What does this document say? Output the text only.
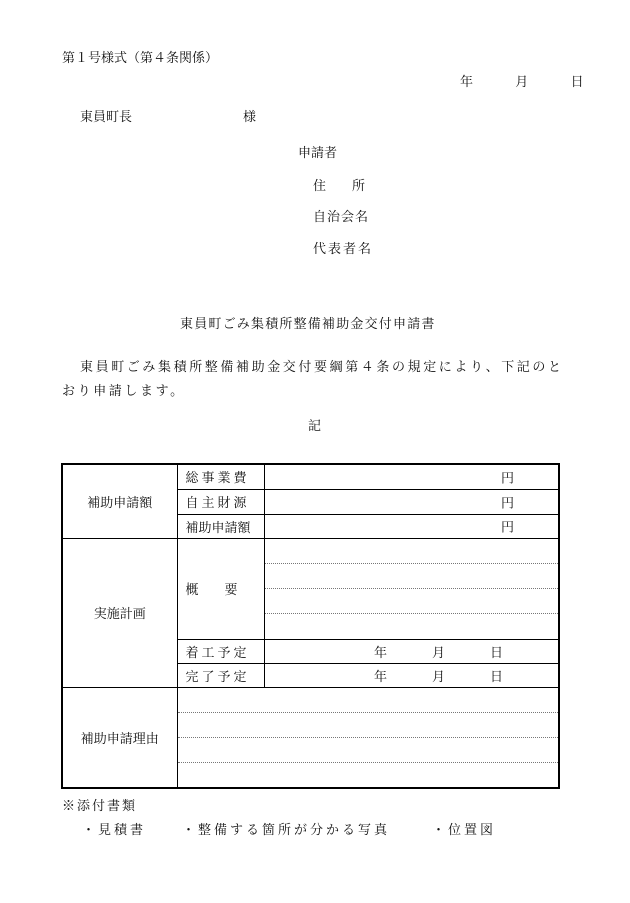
第１号様式（第４条関係）
年	月	日
東員町長	様
申請者
住　　所
自治会名
代表者名
東員町ごみ集積所整備補助金交付申請書
東員町ごみ集積所整備補助金交付要綱第４条の規定により、下記のと
おり申請します。
記
補助申請額	総事業費	円

	自主財源	円

	補助申請額	円

実施計画	概　　要	

	着工予定	年 月 日

	完了予定	年 月 日

補助申請理由		
※添付書類
・見積書	・整備する箇所が分かる写真	・位置図
